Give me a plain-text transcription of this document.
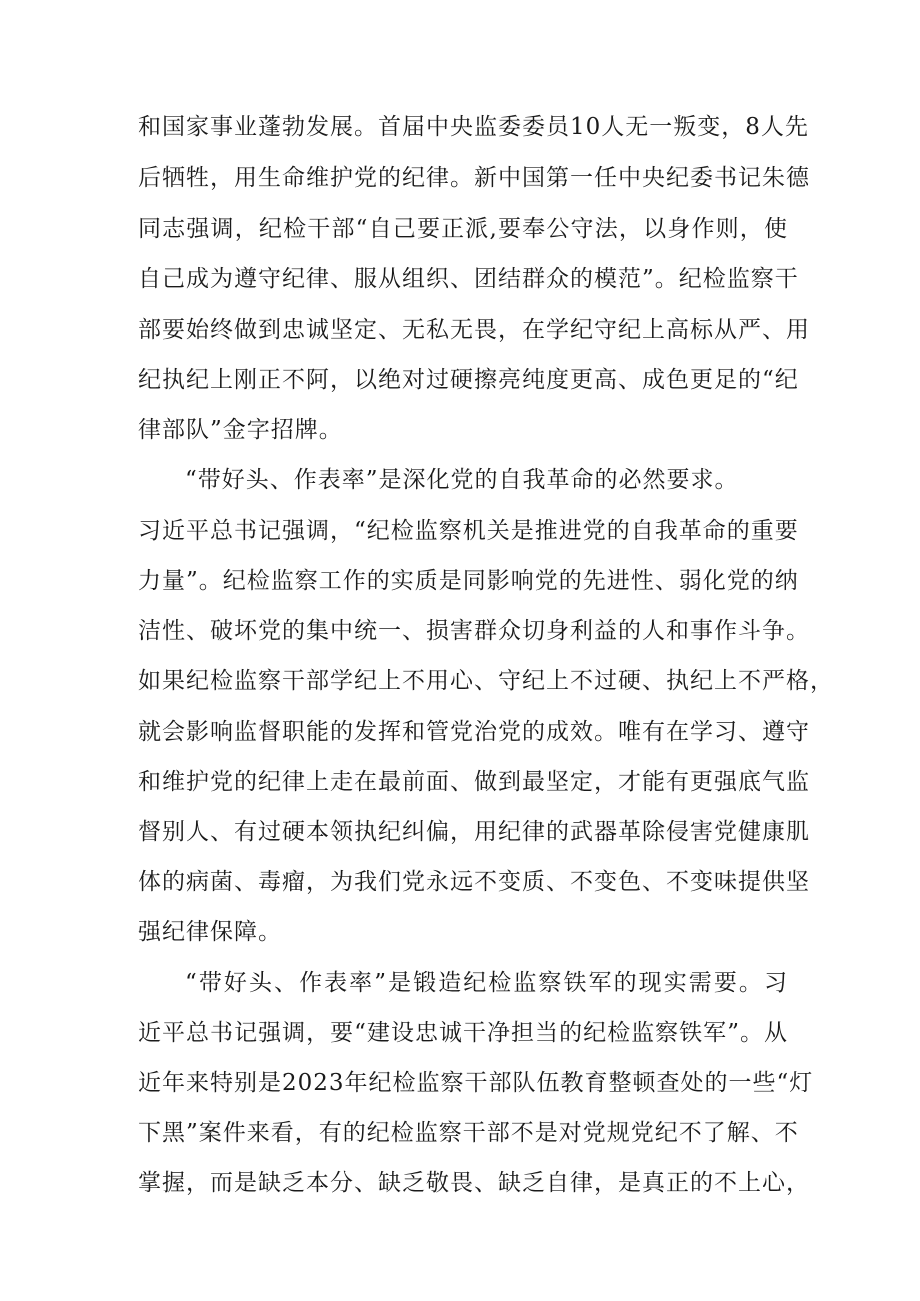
和国家事业蓬勃发展。首届中央监委委员10人无一叛变，8人先
后牺牲，用生命维护党的纪律。新中国第一任中央纪委书记朱德
同志强调，纪检干部“自己要正派,要奉公守法，以身作则，使
自己成为遵守纪律、服从组织、团结群众的模范”。纪检监察干
部要始终做到忠诚坚定、无私无畏，在学纪守纪上高标从严、用
纪执纪上刚正不阿，以绝对过硬擦亮纯度更高、成色更足的“纪
律部队”金字招牌。
“带好头、作表率”是深化党的自我革命的必然要求。
习近平总书记强调，“纪检监察机关是推进党的自我革命的重要
力量”。纪检监察工作的实质是同影响党的先进性、弱化党的纳
洁性、破坏党的集中统一、损害群众切身利益的人和事作斗争。
如果纪检监察干部学纪上不用心、守纪上不过硬、执纪上不严格，
就会影响监督职能的发挥和管党治党的成效。唯有在学习、遵守
和维护党的纪律上走在最前面、做到最坚定，才能有更强底气监
督别人、有过硬本领执纪纠偏，用纪律的武器革除侵害党健康肌
体的病菌、毒瘤，为我们党永远不变质、不变色、不变味提供坚
强纪律保障。
“带好头、作表率”是锻造纪检监察铁军的现实需要。习
近平总书记强调，要“建设忠诚干净担当的纪检监察铁军”。从
近年来特别是2023年纪检监察干部队伍教育整顿查处的一些“灯
下黑”案件来看，有的纪检监察干部不是对党规党纪不了解、不
掌握，而是缺乏本分、缺乏敬畏、缺乏自律，是真正的不上心，
